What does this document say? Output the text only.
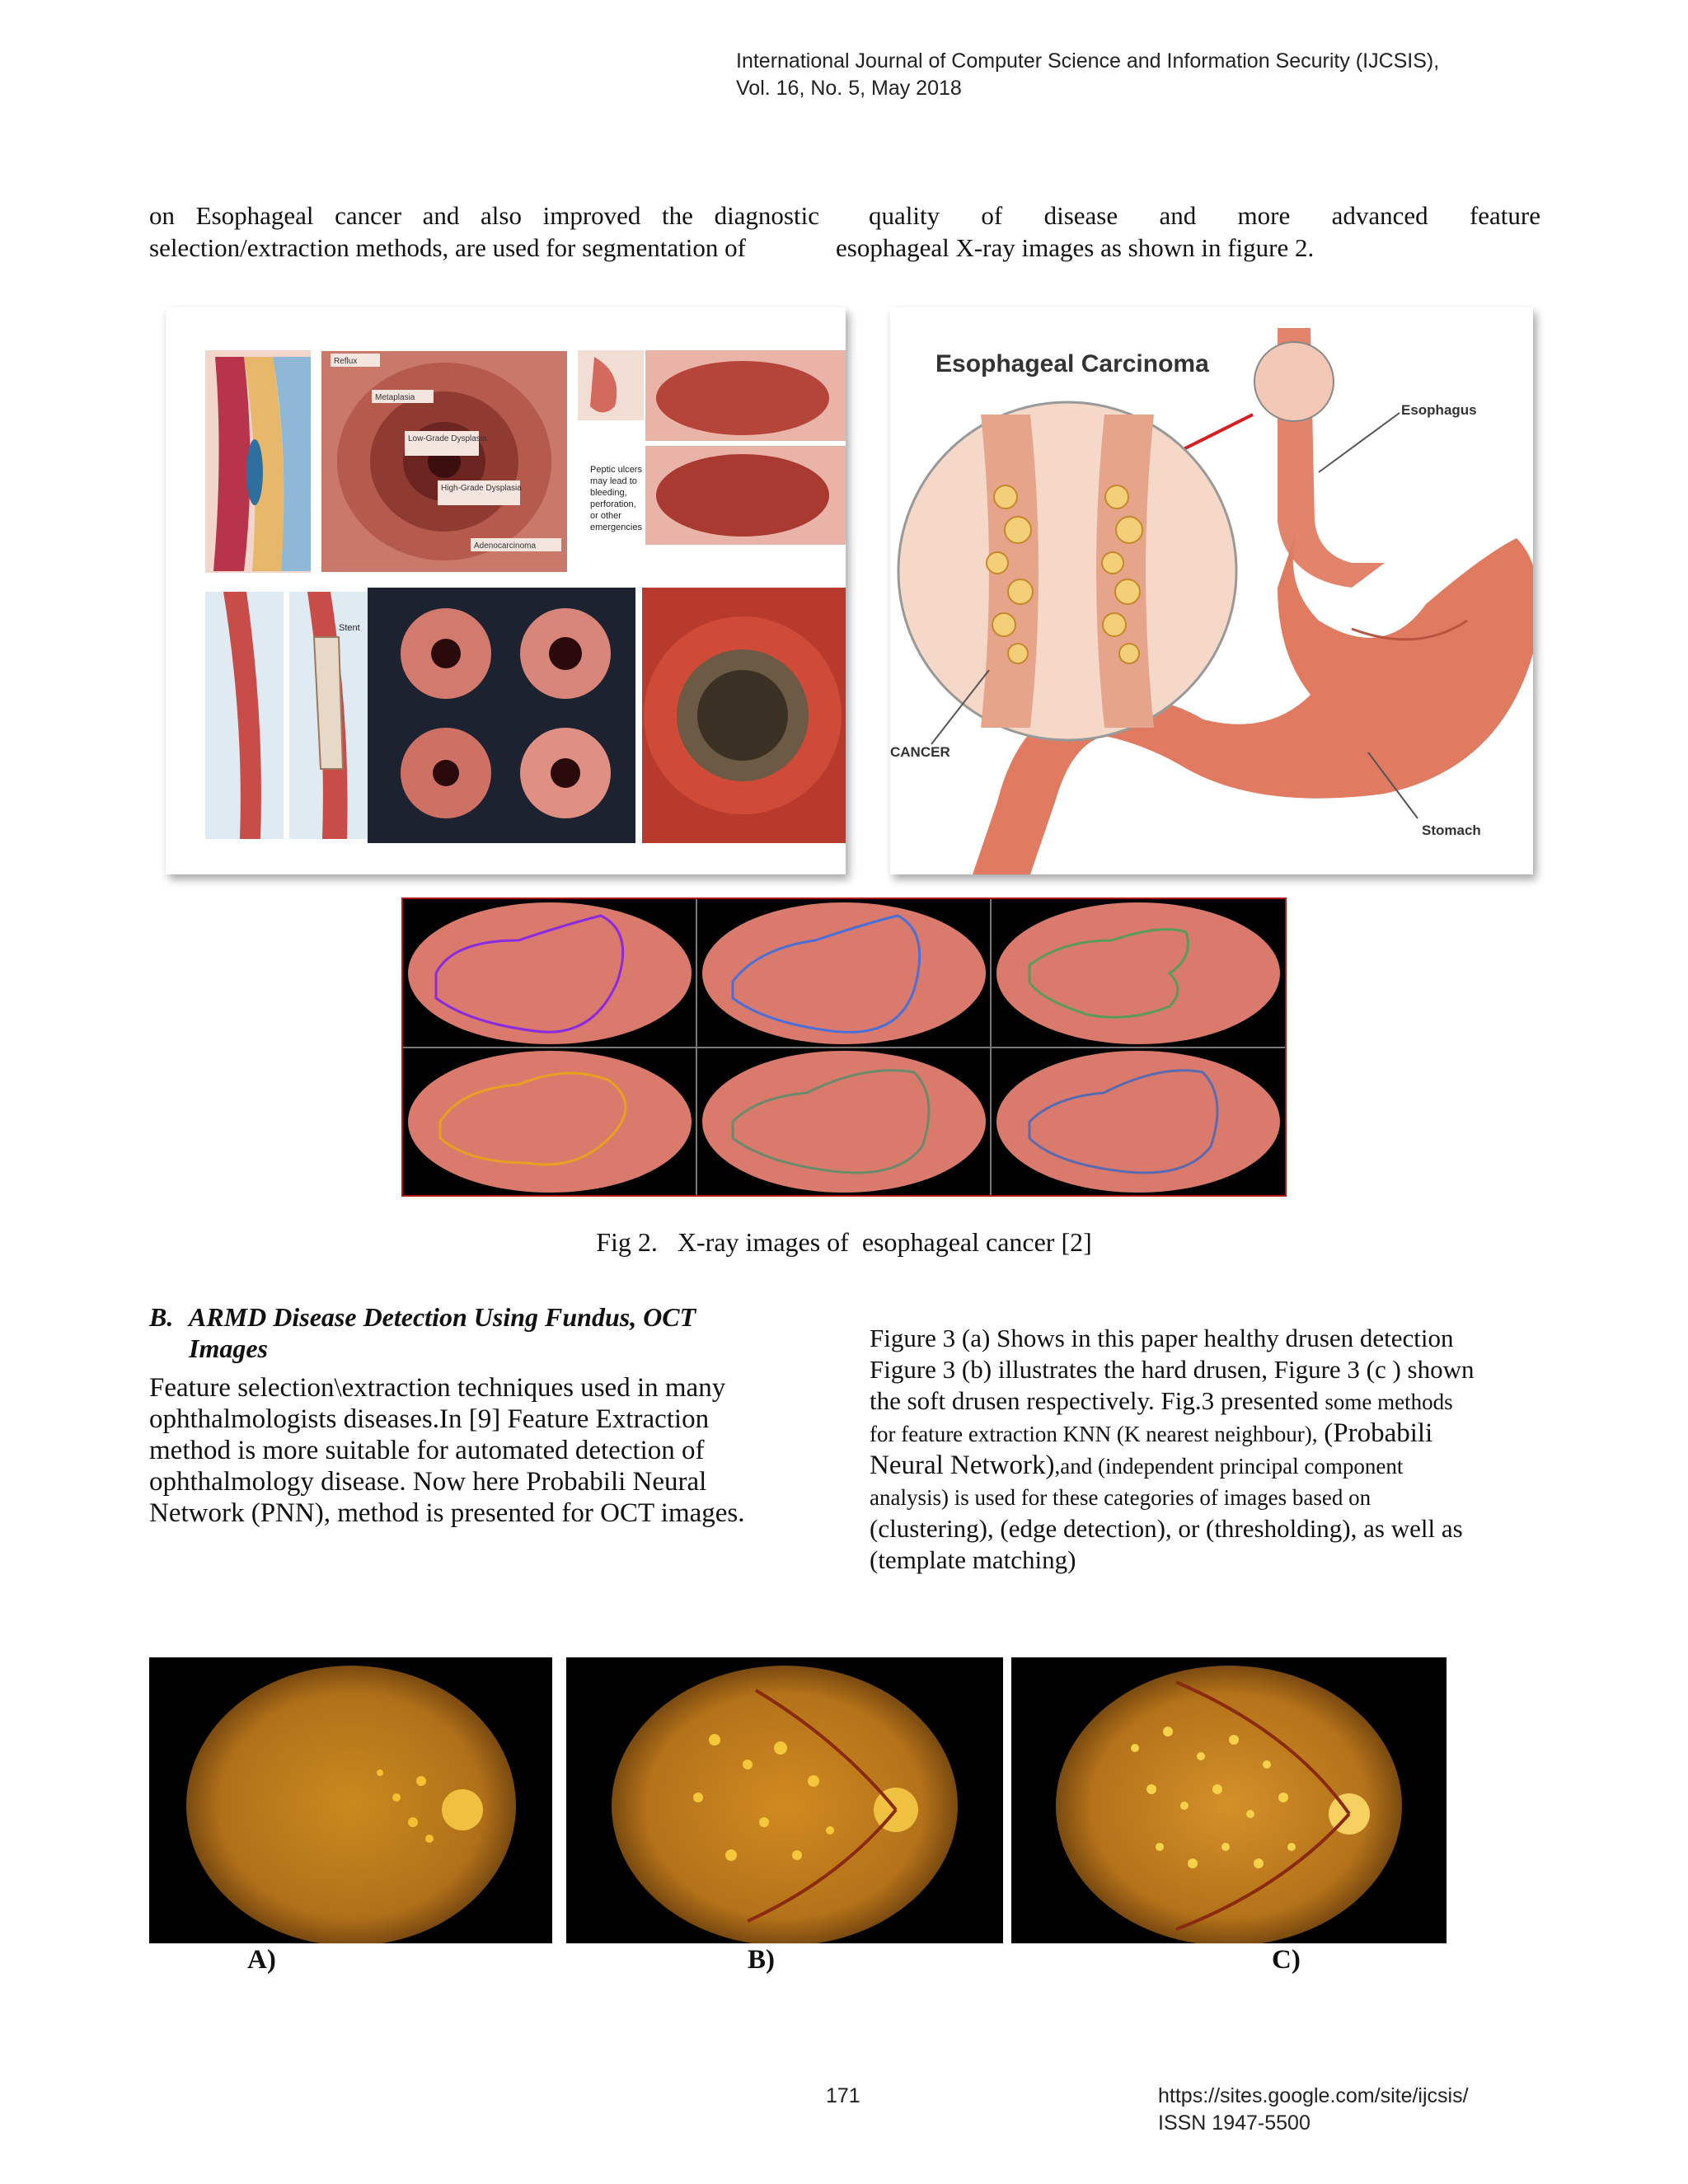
International Journal of Computer Science and Information Security (IJCSIS),
Vol. 16, No. 5, May 2018
on Esophageal cancer and also improved the diagnostic
selection/extraction methods, are used for segmentation of
quality of disease and more advanced feature
esophageal X-ray images as shown in figure 2.
Reflux
Metaplasia
Low-Grade Dysplasia
High-Grade Dysplasia
Adenocarcinoma
Peptic ulcers
may lead to
bleeding,
perforation,
or other
emergencies
Stent
Esophageal Carcinoma
Esophagus
CANCER
Stomach
Fig 2.   X-ray images of  esophageal cancer [2]
B. ARMD Disease Detection Using Fundus, OCT
Images
Feature selection\extraction techniques used in many
ophthalmologists diseases.In [9] Feature Extraction
method is more suitable for automated detection of
ophthalmology disease. Now here Probabili Neural
Network (PNN), method is presented for OCT images.
Figure 3 (a) Shows in this paper healthy drusen detection
Figure 3 (b) illustrates the hard drusen, Figure 3 (c ) shown
the soft drusen respectively. Fig.3 presented some methods
for feature extraction KNN (K nearest neighbour), (Probabili
Neural Network),and (independent principal component
analysis) is used for these categories of images based on
(clustering), (edge detection), or (thresholding), as well as
(template matching)
A)	B)	C)
171	https://sites.google.com/site/ijcsis/
ISSN 1947-5500
